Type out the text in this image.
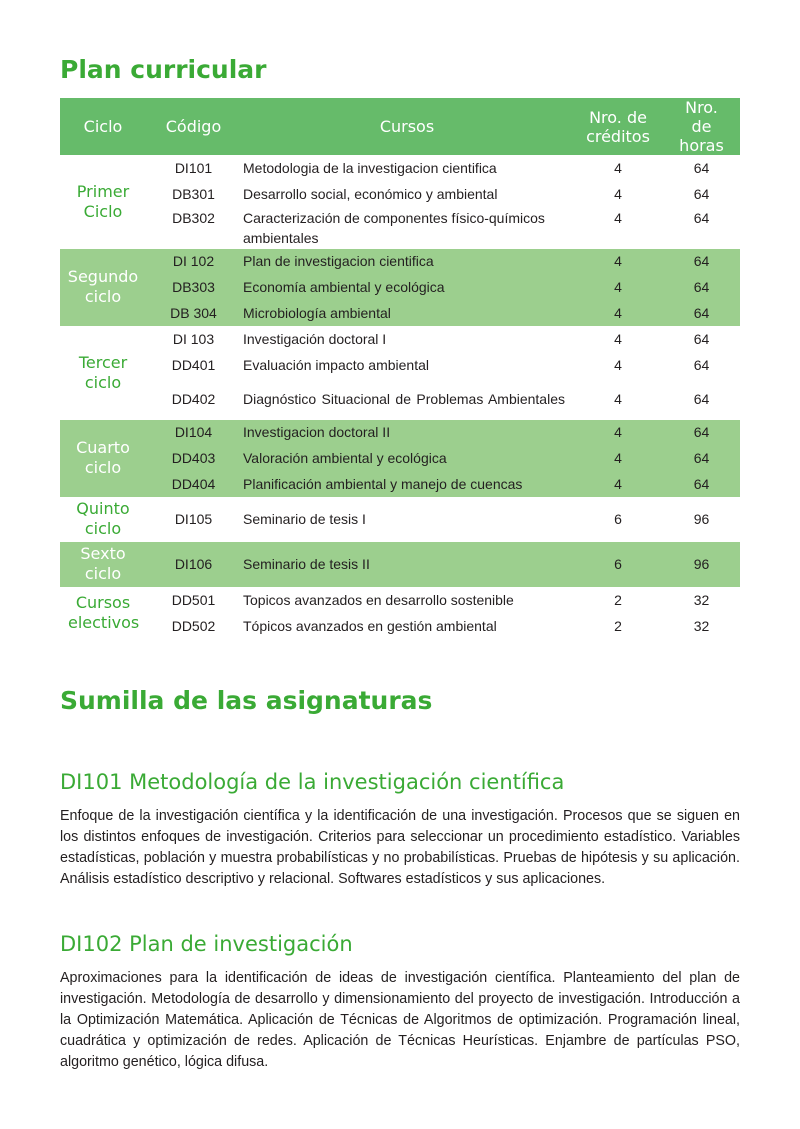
Plan curricular
Ciclo	Código	Cursos	Nro. de créditos	Nro. de horas
Primer Ciclo	DI101	Metodologia de la investigacion cientifica	4	64
	DB301	Desarrollo social, económico y ambiental	4	64
	DB302	Caracterización de componentes físico-químicos ambientales	4	64
Segundo ciclo	DI 102	Plan de investigacion cientifica	4	64
	DB303	Economía ambiental y ecológica	4	64
	DB 304	Microbiología ambiental	4	64
Tercer ciclo	DI 103	Investigación doctoral I	4	64
	DD401	Evaluación impacto ambiental	4	64
	DD402	Diagnóstico Situacional de Problemas Ambientales	4	64
Cuarto ciclo	DI104	Investigacion doctoral II	4	64
	DD403	Valoración ambiental y ecológica	4	64
	DD404	Planificación ambiental y manejo de cuencas	4	64
Quinto ciclo	DI105	Seminario de tesis I	6	96
Sexto ciclo	DI106	Seminario de tesis II	6	96
Cursos electivos	DD501	Topicos avanzados en desarrollo sostenible	2	32
	DD502	Tópicos avanzados en gestión ambiental	2	32
Sumilla de las asignaturas
DI101 Metodología de la investigación científica

Enfoque de la investigación científica y la identificación de una investigación. Procesos que se siguen en los distintos enfoques de investigación. Criterios para seleccionar un procedimiento estadístico. Variables estadísticas, población y muestra probabilísticas y no probabilísticas. Pruebas de hipótesis y su aplicación. Análisis estadístico descriptivo y relacional. Softwares estadísticos y sus aplicaciones.

DI102 Plan de investigación

Aproximaciones para la identificación de ideas de investigación científica. Planteamiento del plan de investigación. Metodología de desarrollo y dimensionamiento del proyecto de investigación. Introducción a la Optimización Matemática. Aplicación de Técnicas de Algoritmos de optimización. Programación lineal, cuadrática y optimización de redes. Aplicación de Técnicas Heurísticas. Enjambre de partículas PSO, algoritmo genético, lógica difusa.
